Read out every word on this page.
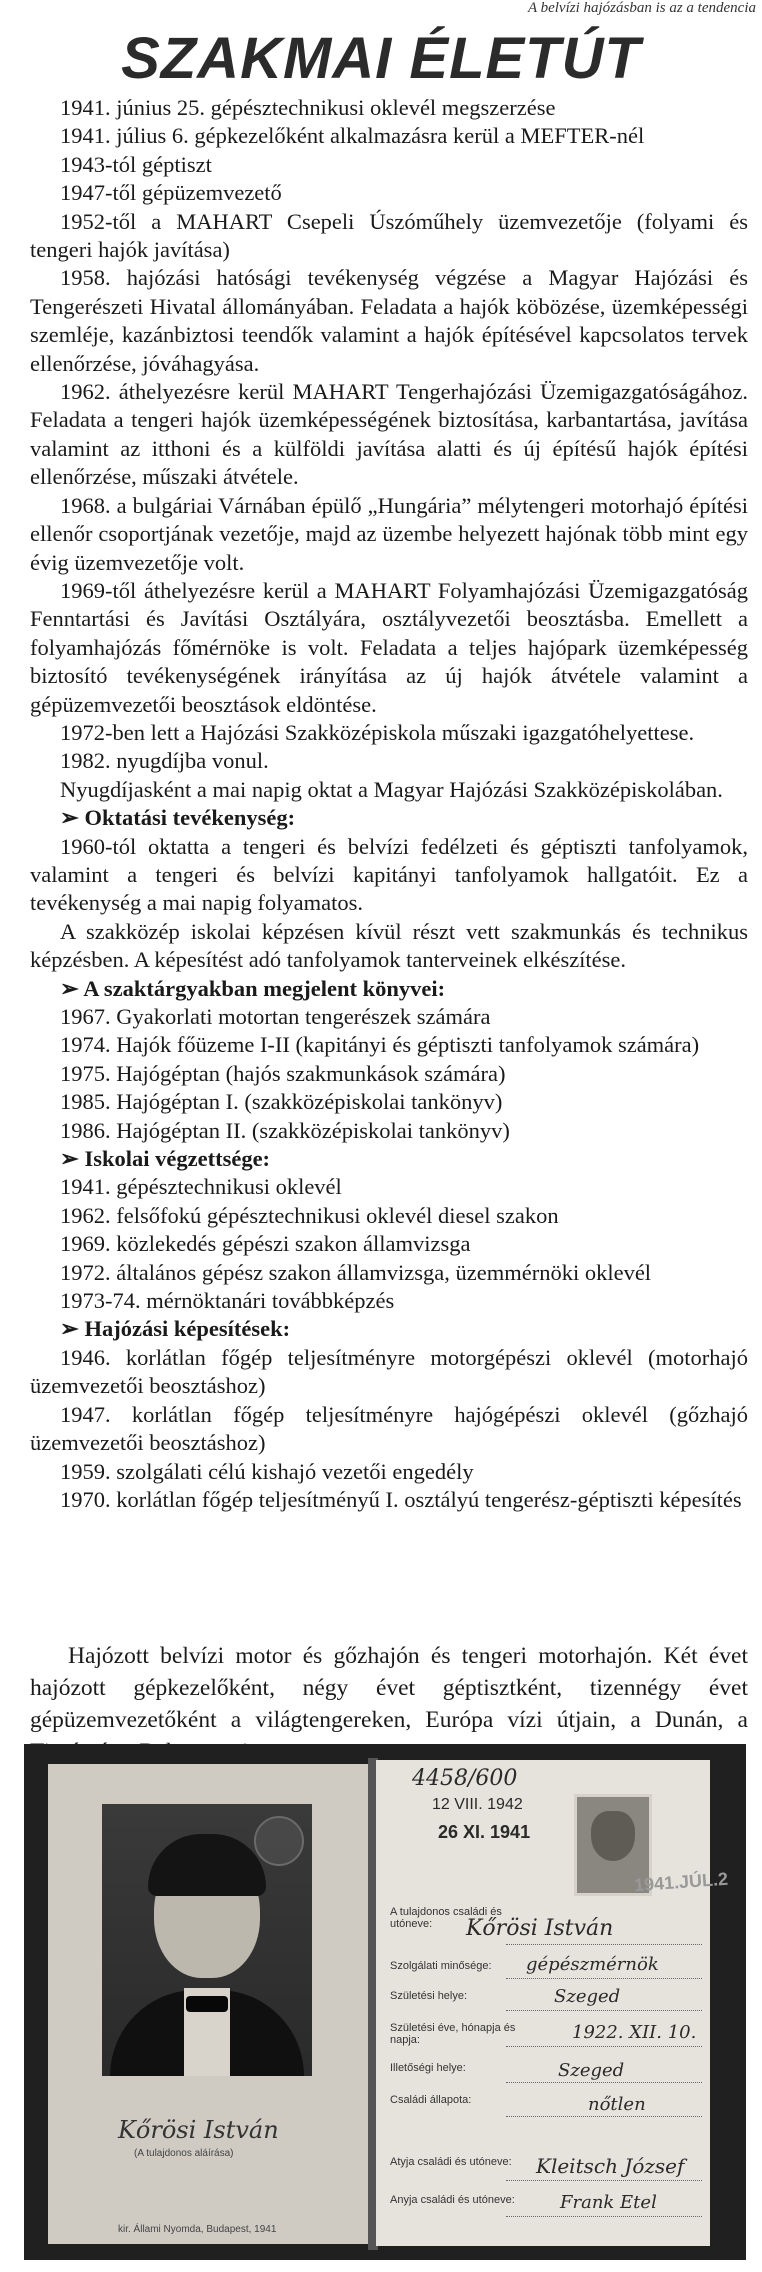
A belvízi hajózásban is az a tendencia
SZAKMAI ÉLETÚT

1941. június 25. gépésztechnikusi oklevél megszerzése

1941. július 6. gépkezelőként alkalmazásra kerül a MEFTER-nél

1943-tól géptiszt

1947-től gépüzemvezető

1952-től a MAHART Csepeli Úszóműhely üzemvezetője (folyami és tengeri hajók javítása)

1958. hajózási hatósági tevékenység végzése a Magyar Hajózási és Tengerészeti Hivatal állományában. Feladata a hajók köbözése, üzemképességi szemléje, kazánbiztosi teendők valamint a hajók építésével kapcsolatos tervek ellenőrzése, jóváhagyása.

1962. áthelyezésre kerül MAHART Tengerhajózási Üzemigazgatóságához. Feladata a tengeri hajók üzemképességének biztosítása, karbantartása, javítása valamint az itthoni és a külföldi javítása alatti és új építésű hajók építési ellenőrzése, műszaki átvétele.

1968. a bulgáriai Várnában épülő „Hungária” mélytengeri motorhajó építési ellenőr csoportjának vezetője, majd az üzembe helyezett hajónak több mint egy évig üzemvezetője volt.

1969-től áthelyezésre kerül a MAHART Folyamhajózási Üzemigazgatóság Fenntartási és Javítási Osztályára, osztályvezetői beosztásba. Emellett a folyamhajózás főmérnöke is volt. Feladata a teljes hajópark üzemképesség biztosító tevékenységének irányítása az új hajók átvétele valamint a gépüzemvezetői beosztások eldöntése.

1972-ben lett a Hajózási Szakközépiskola műszaki igazgatóhelyettese.

1982. nyugdíjba vonul.

Nyugdíjasként a mai napig oktat a Magyar Hajózási Szakközépiskolában.

➢ Oktatási tevékenység:

1960-tól oktatta a tengeri és belvízi fedélzeti és géptiszti tanfolyamok, valamint a tengeri és belvízi kapitányi tanfolyamok hallgatóit. Ez a tevékenység a mai napig folyamatos.

A szakközép iskolai képzésen kívül részt vett szakmunkás és technikus képzésben. A képesítést adó tanfolyamok tanterveinek elkészítése.

➢ A szaktárgyakban megjelent könyvei:

1967. Gyakorlati motortan tengerészek számára

1974. Hajók főüzeme I-II (kapitányi és géptiszti tanfolyamok számára)

1975. Hajógéptan (hajós szakmunkások számára)

1985. Hajógéptan I. (szakközépiskolai tankönyv)

1986. Hajógéptan II. (szakközépiskolai tankönyv)

➢ Iskolai végzettsége:

1941. gépésztechnikusi oklevél

1962. felsőfokú gépésztechnikusi oklevél diesel szakon

1969. közlekedés gépészi szakon államvizsga

1972. általános gépész szakon államvizsga, üzemmérnöki oklevél

1973-74. mérnöktanári továbbképzés

➢ Hajózási képesítések:

1946. korlátlan főgép teljesítményre motorgépészi oklevél (motorhajó üzemvezetői beosztáshoz)

1947. korlátlan főgép teljesítményre hajógépészi oklevél (gőzhajó üzemvezetői beosztáshoz)

1959. szolgálati célú kishajó vezetői engedély

1970. korlátlan főgép teljesítményű I. osztályú tengerész-géptiszti képesítés

Hajózott belvízi motor és gőzhajón és tengeri motorhajón. Két évet hajózott gépkezelőként, négy évet géptisztként, tizennégy évet gépüzemvezetőként a világtengereken, Európa vízi útjain, a Dunán, a

Kőrösi István
(A tulajdonos aláírása)
kir. Állami Nyomda, Budapest, 1941
4458/600
12 VIII. 1942
26 XI. 1941
1941.JÚL.2
A tulajdonos családi és utóneve:	Kőrösi István
Szolgálati minősége:	gépészmérnök
Születési helye:	Szeged
Születési éve, hónapja és napja:	1922. XII. 10.
Illetőségi helye:	Szeged
Családi állapota:	nőtlen
Atyja családi és utóneve:	Kleitsch József
Anyja családi és utóneve:	Frank Etel
